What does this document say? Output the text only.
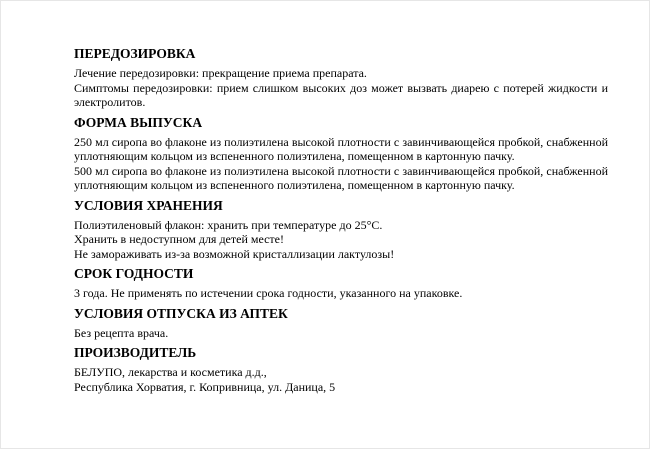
ПЕРЕДОЗИРОВКА

Лечение передозировки: прекращение приема препарата.

Симптомы передозировки: прием слишком высоких доз может вызвать диарею с потерей жидкости и электролитов.

ФОРМА ВЫПУСКА

250 мл сиропа во флаконе из полиэтилена высокой плотности с завинчивающейся пробкой, снабженной уплотняющим кольцом из вспененного полиэтилена, помещенном в картонную пачку.

500 мл сиропа во флаконе из полиэтилена высокой плотности с завинчивающейся пробкой, снабженной уплотняющим кольцом из вспененного полиэтилена, помещенном в картонную пачку.

УСЛОВИЯ ХРАНЕНИЯ

Полиэтиленовый флакон: хранить при температуре до 25°С.

Хранить в недоступном для детей месте!

Не замораживать из-за возможной кристаллизации лактулозы!

СРОК ГОДНОСТИ

3 года. Не применять по истечении срока годности, указанного на упаковке.

УСЛОВИЯ ОТПУСКА ИЗ АПТЕК

Без рецепта врача.

ПРОИЗВОДИТЕЛЬ

БЕЛУПО, лекарства и косметика д.д.,

Республика Хорватия, г. Копривница, ул. Даница, 5
